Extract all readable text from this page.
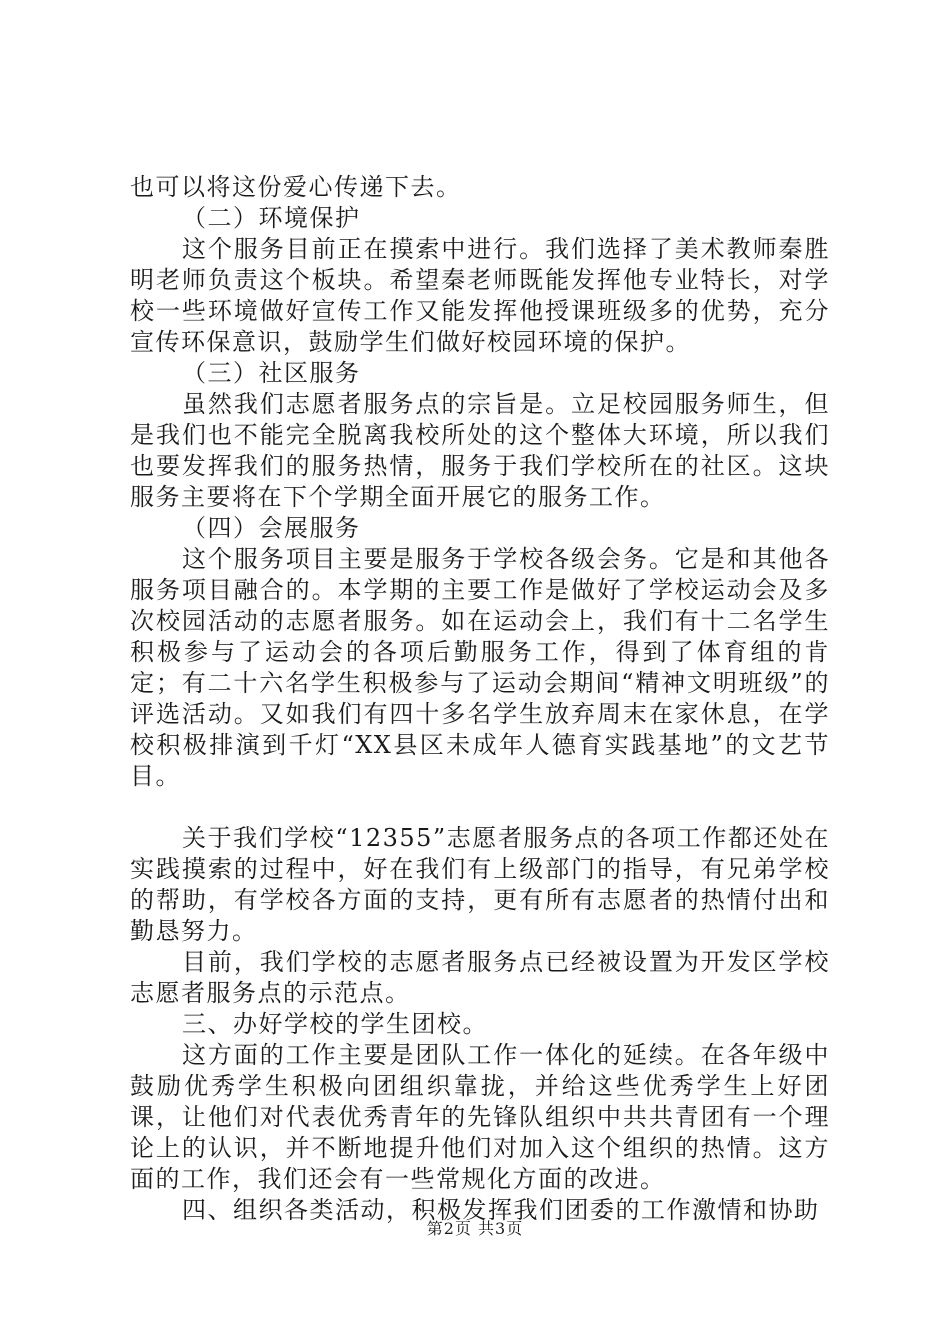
也可以将这份爱心传递下去。

（二）环境保护

这个服务目前正在摸索中进行。我们选择了美术教师秦胜明老师负责这个板块。希望秦老师既能发挥他专业特长，对学校一些环境做好宣传工作又能发挥他授课班级多的优势，充分宣传环保意识，鼓励学生们做好校园环境的保护。

（三）社区服务

虽然我们志愿者服务点的宗旨是。立足校园服务师生，但是我们也不能完全脱离我校所处的这个整体大环境，所以我们也要发挥我们的服务热情，服务于我们学校所在的社区。这块服务主要将在下个学期全面开展它的服务工作。

（四）会展服务

这个服务项目主要是服务于学校各级会务。它是和其他各服务项目融合的。本学期的主要工作是做好了学校运动会及多次校园活动的志愿者服务。如在运动会上，我们有十二名学生积极参与了运动会的各项后勤服务工作，得到了体育组的肯定；有二十六名学生积极参与了运动会期间“精神文明班级”的评选活动。又如我们有四十多名学生放弃周末在家休息，在学校积极排演到千灯“XX县区未成年人德育实践基地”的文艺节目。

关于我们学校“12355”志愿者服务点的各项工作都还处在实践摸索的过程中，好在我们有上级部门的指导，有兄弟学校的帮助，有学校各方面的支持，更有所有志愿者的热情付出和勤恳努力。

目前，我们学校的志愿者服务点已经被设置为开发区学校志愿者服务点的示范点。

三、办好学校的学生团校。

这方面的工作主要是团队工作一体化的延续。在各年级中鼓励优秀学生积极向团组织靠拢，并给这些优秀学生上好团课，让他们对代表优秀青年的先锋队组织中共共青团有一个理论上的认识，并不断地提升他们对加入这个组织的热情。这方面的工作，我们还会有一些常规化方面的改进。

四、组织各类活动，积极发挥我们团委的工作激情和协助

第2页 共3页
